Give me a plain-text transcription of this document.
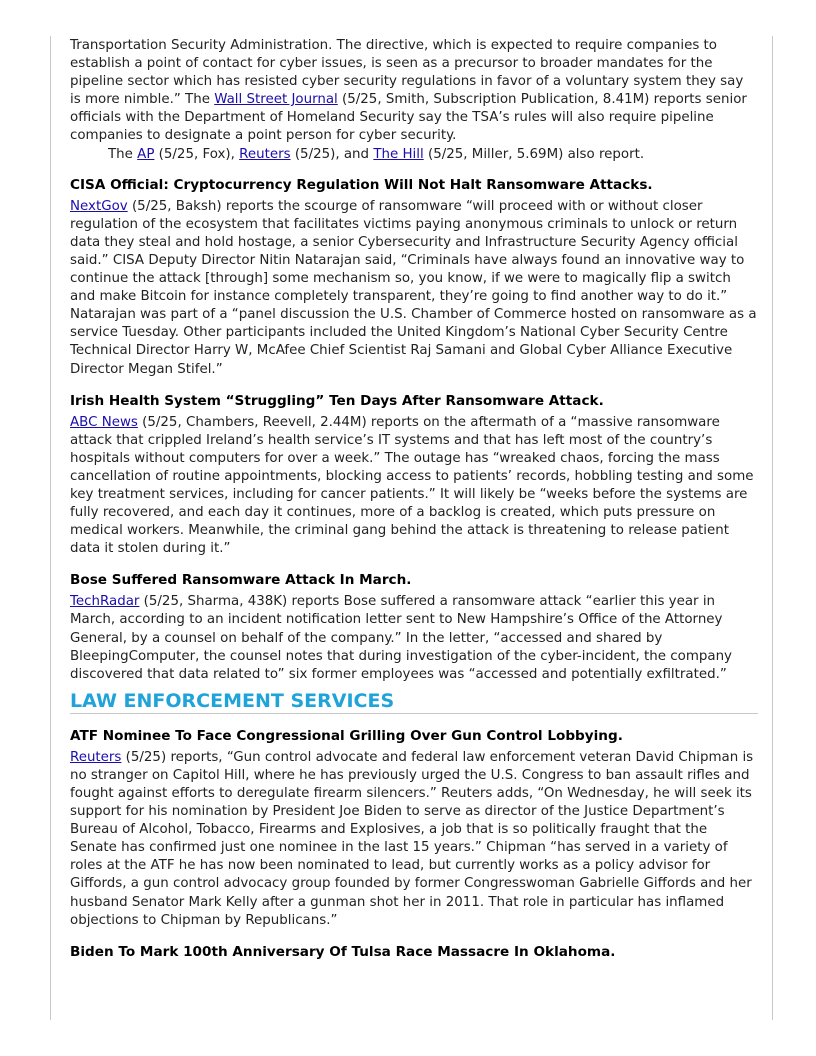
Transportation Security Administration. The directive, which is expected to require companies to establish a point of contact for cyber issues, is seen as a precursor to broader mandates for the pipeline sector which has resisted cyber security regulations in favor of a voluntary system they say is more nimble.” The Wall Street Journal (5/25, Smith, Subscription Publication, 8.41M) reports senior officials with the Department of Homeland Security say the TSA’s rules will also require pipeline companies to designate a point person for cyber security.

The AP (5/25, Fox), Reuters (5/25), and The Hill (5/25, Miller, 5.69M) also report.

CISA Official: Cryptocurrency Regulation Will Not Halt Ransomware Attacks.

NextGov (5/25, Baksh) reports the scourge of ransomware “will proceed with or without closer regulation of the ecosystem that facilitates victims paying anonymous criminals to unlock or return data they steal and hold hostage, a senior Cybersecurity and Infrastructure Security Agency official said.” CISA Deputy Director Nitin Natarajan said, “Criminals have always found an innovative way to continue the attack [through] some mechanism so, you know, if we were to magically flip a switch and make Bitcoin for instance completely transparent, they’re going to find another way to do it.” Natarajan was part of a “panel discussion the U.S. Chamber of Commerce hosted on ransomware as a service Tuesday. Other participants included the United Kingdom’s National Cyber Security Centre Technical Director Harry W, McAfee Chief Scientist Raj Samani and Global Cyber Alliance Executive Director Megan Stifel.”

Irish Health System “Struggling” Ten Days After Ransomware Attack.

ABC News (5/25, Chambers, Reevell, 2.44M) reports on the aftermath of a “massive ransomware attack that crippled Ireland’s health service’s IT systems and that has left most of the country’s hospitals without computers for over a week.” The outage has “wreaked chaos, forcing the mass cancellation of routine appointments, blocking access to patients’ records, hobbling testing and some key treatment services, including for cancer patients.” It will likely be “weeks before the systems are fully recovered, and each day it continues, more of a backlog is created, which puts pressure on medical workers. Meanwhile, the criminal gang behind the attack is threatening to release patient data it stolen during it.”

Bose Suffered Ransomware Attack In March.

TechRadar (5/25, Sharma, 438K) reports Bose suffered a ransomware attack “earlier this year in March, according to an incident notification letter sent to New Hampshire’s Office of the Attorney General, by a counsel on behalf of the company.” In the letter, “accessed and shared by BleepingComputer, the counsel notes that during investigation of the cyber-incident, the company discovered that data related to” six former employees was “accessed and potentially exfiltrated.”

LAW ENFORCEMENT SERVICES
ATF Nominee To Face Congressional Grilling Over Gun Control Lobbying.

Reuters (5/25) reports, “Gun control advocate and federal law enforcement veteran David Chipman is no stranger on Capitol Hill, where he has previously urged the U.S. Congress to ban assault rifles and fought against efforts to deregulate firearm silencers.” Reuters adds, “On Wednesday, he will seek its support for his nomination by President Joe Biden to serve as director of the Justice Department’s Bureau of Alcohol, Tobacco, Firearms and Explosives, a job that is so politically fraught that the Senate has confirmed just one nominee in the last 15 years.” Chipman “has served in a variety of roles at the ATF he has now been nominated to lead, but currently works as a policy advisor for Giffords, a gun control advocacy group founded by former Congresswoman Gabrielle Giffords and her husband Senator Mark Kelly after a gunman shot her in 2011. That role in particular has inflamed objections to Chipman by Republicans.”

Biden To Mark 100th Anniversary Of Tulsa Race Massacre In Oklahoma.
